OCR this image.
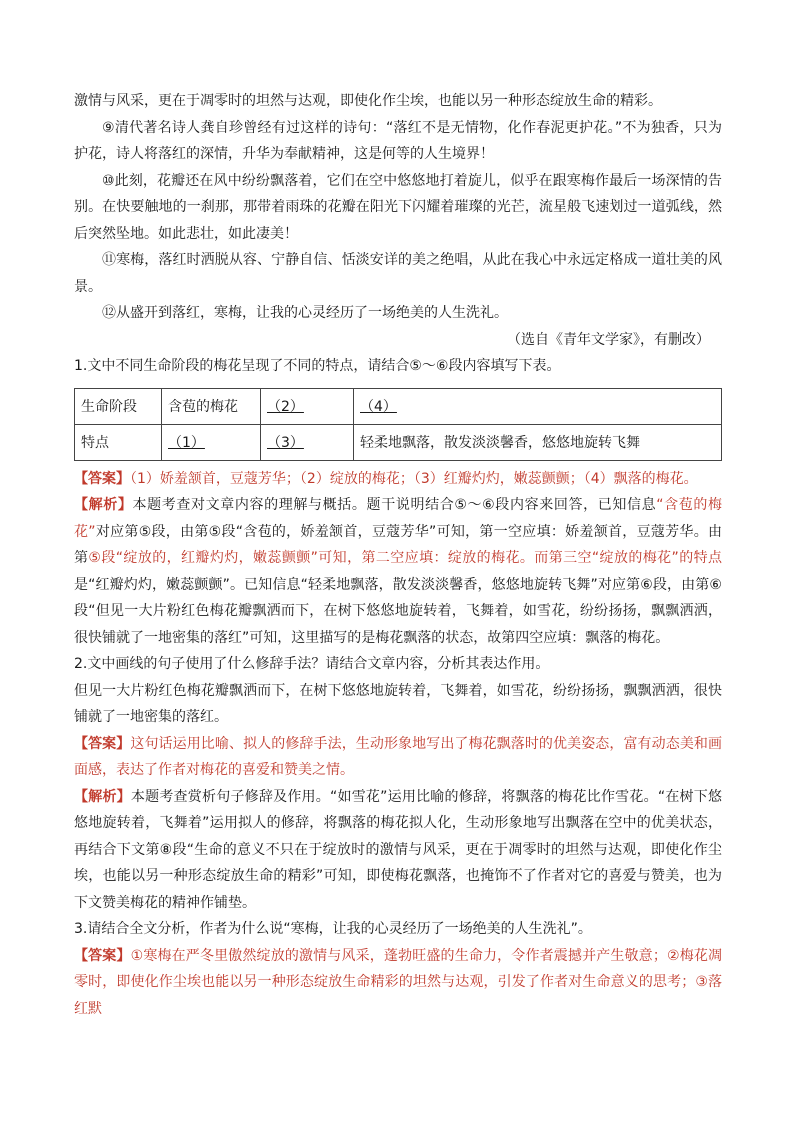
激情与风采，更在于凋零时的坦然与达观，即使化作尘埃，也能以另一种形态绽放生命的精彩。

⑨清代著名诗人龚自珍曾经有过这样的诗句：“落红不是无情物，化作春泥更护花。”不为独香，只为护花，诗人将落红的深情，升华为奉献精神，这是何等的人生境界！

⑩此刻，花瓣还在风中纷纷飘落着，它们在空中悠悠地打着旋儿，似乎在跟寒梅作最后一场深情的告别。在快要触地的一刹那，那带着雨珠的花瓣在阳光下闪耀着璀璨的光芒，流星般飞速划过一道弧线，然后突然坠地。如此悲壮，如此凄美！

⑪寒梅，落红时洒脱从容、宁静自信、恬淡安详的美之绝唱，从此在我心中永远定格成一道壮美的风景。

⑫从盛开到落红，寒梅，让我的心灵经历了一场绝美的人生洗礼。

（选自《青年文学家》，有删改）

1.文中不同生命阶段的梅花呈现了不同的特点，请结合⑤～⑥段内容填写下表。

生命阶段	含苞的梅花	（2）	（4）
特点	（1）	（3）	轻柔地飘落，散发淡淡馨香，悠悠地旋转飞舞

【答案】（1）娇羞颔首，豆蔻芳华；（2）绽放的梅花；（3）红瓣灼灼，嫩蕊颤颤；（4）飘落的梅花。

【解析】本题考查对文章内容的理解与概括。题干说明结合⑤～⑥段内容来回答，已知信息“含苞的梅花”对应第⑤段，由第⑤段“含苞的，娇羞颔首，豆蔻芳华”可知，第一空应填：娇羞颔首，豆蔻芳华。由第⑤段“绽放的，红瓣灼灼，嫩蕊颤颤”可知，第二空应填：绽放的梅花。而第三空“绽放的梅花”的特点是“红瓣灼灼，嫩蕊颤颤”。已知信息“轻柔地飘落，散发淡淡馨香，悠悠地旋转飞舞”对应第⑥段，由第⑥段“但见一大片粉红色梅花瓣飘洒而下，在树下悠悠地旋转着，飞舞着，如雪花，纷纷扬扬，飘飘洒洒，很快铺就了一地密集的落红”可知，这里描写的是梅花飘落的状态，故第四空应填：飘落的梅花。

2.文中画线的句子使用了什么修辞手法？请结合文章内容，分析其表达作用。

但见一大片粉红色梅花瓣飘洒而下，在树下悠悠地旋转着，飞舞着，如雪花，纷纷扬扬，飘飘洒洒，很快铺就了一地密集的落红。

【答案】这句话运用比喻、拟人的修辞手法，生动形象地写出了梅花飘落时的优美姿态，富有动态美和画面感，表达了作者对梅花的喜爱和赞美之情。

【解析】本题考查赏析句子修辞及作用。“如雪花”运用比喻的修辞，将飘落的梅花比作雪花。“在树下悠悠地旋转着，飞舞着”运用拟人的修辞，将飘落的梅花拟人化，生动形象地写出飘落在空中的优美状态，再结合下文第⑧段“生命的意义不只在于绽放时的激情与风采，更在于凋零时的坦然与达观，即使化作尘埃，也能以另一种形态绽放生命的精彩”可知，即使梅花飘落，也掩饰不了作者对它的喜爱与赞美，也为下文赞美梅花的精神作铺垫。

3.请结合全文分析，作者为什么说“寒梅，让我的心灵经历了一场绝美的人生洗礼”。

【答案】①寒梅在严冬里傲然绽放的激情与风采，蓬勃旺盛的生命力，令作者震撼并产生敬意；②梅花凋零时，即使化作尘埃也能以另一种形态绽放生命精彩的坦然与达观，引发了作者对生命意义的思考；③落红默
